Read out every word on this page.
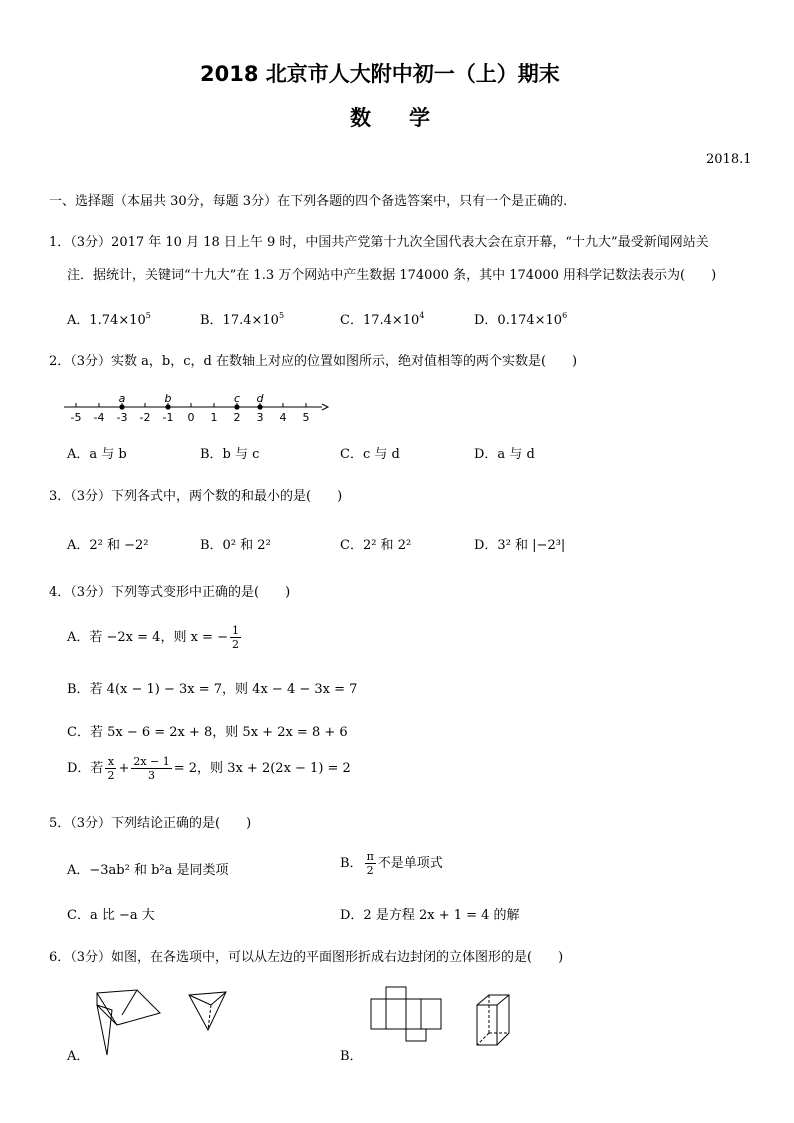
2018 北京市人大附中初一（上）期末
数学
2018.1
一、选择题（本届共 30分，每题 3分）在下列各题的四个备选答案中，只有一个是正确的.
1．（3分）2017 年 10 月 18 日上午 9 时，中国共产党第十九次全国代表大会在京开幕，“十九大”最受新闻网站关
注．据统计，关键词“十九大”在 1.3 万个网站中产生数据 174000 条，其中 174000 用科学记数法表示为(　　)
A．$1.74\times 10^5$	B．$17.4\times 10^5$	C．$17.4\times 10^4$	D．$0.174\times 10^6$
2．（3分）实数 a，b，c，d 在数轴上对应的位置如图所示，绝对值相等的两个实数是(　　)
-5 -4 -3 -2 -1 0 1 2 3 4 5
a	b	c d
A．a 与 b	B．b 与 c	C．c 与 d	D．a 与 d
3．（3分）下列各式中，两个数的和最小的是(　　)
A．2² 和 −2²	B．0² 和 2²	C．2² 和 2²	D．3² 和 |−2³|
4．（3分）下列等式变形中正确的是(　　)
A．若 −2x = 4，则 x = − $\frac{1}{2}$
B．若 4(x − 1) − 3x = 7，则 4x − 4 − 3x = 7
C．若 5x − 6 = 2x + 8，则 5x + 2x = 8 + 6
D．若 $\frac{x}{2} + \frac{2x - 1}{3} = 2$，则 3x + 2(2x − 1) = 2
5．（3分）下列结论正确的是(　　)
A．−3ab² 和 b²a 是同类项	B． $\frac{\pi}{2}$ 不是单项式
C．a 比 −a 大	D．2 是方程 2x + 1 = 4 的解
6．（3分）如图，在各选项中，可以从左边的平面图形折成右边封闭的立体图形的是(　　)
A．	B．
